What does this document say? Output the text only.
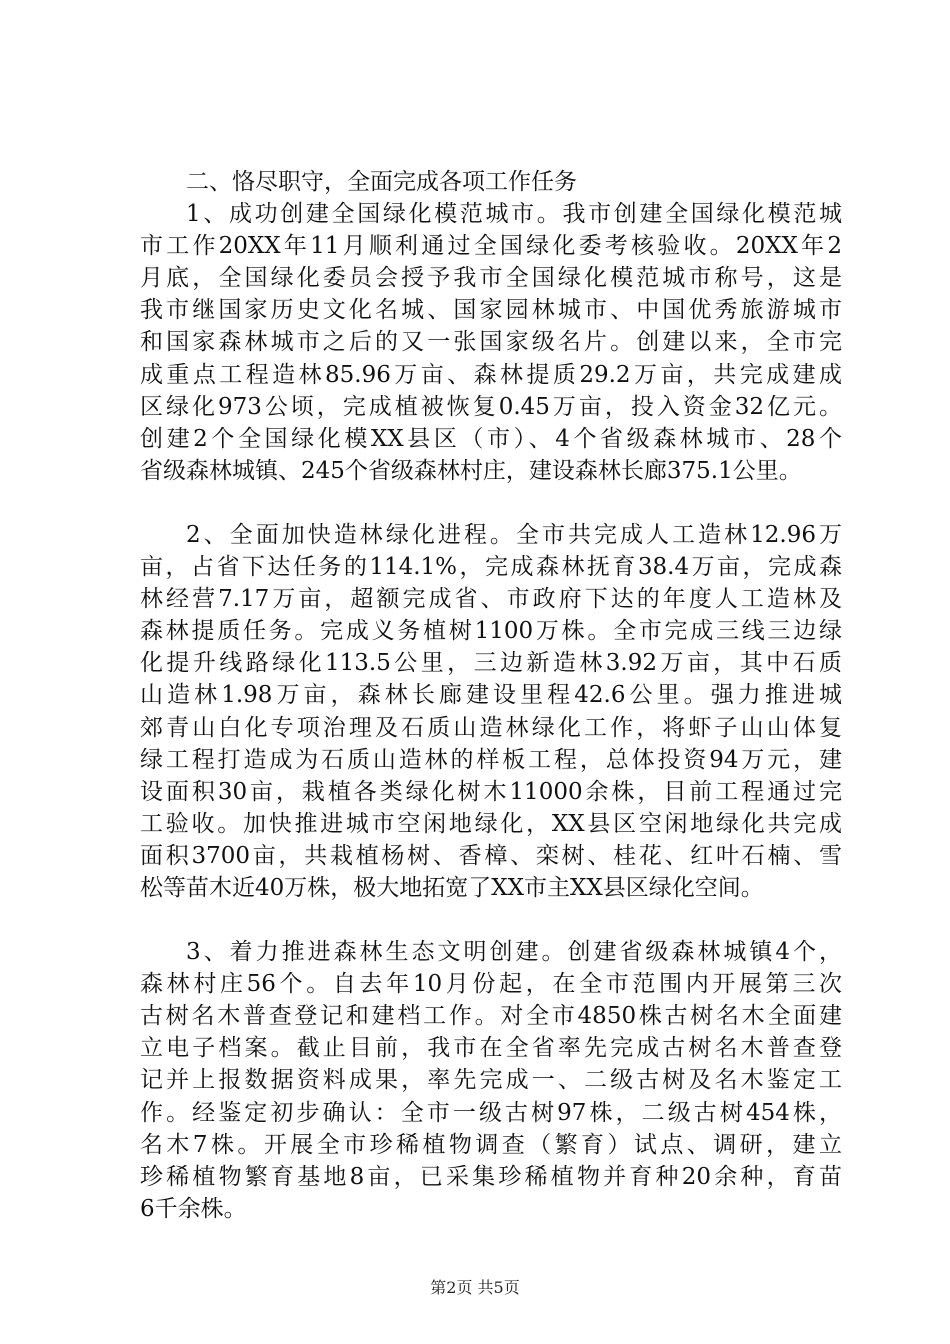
二、恪尽职守，全面完成各项工作任务
1、成功创建全国绿化模范城市。我市创建全国绿化模范城
市工作20XX年11月顺利通过全国绿化委考核验收。20XX年2
月底，全国绿化委员会授予我市全国绿化模范城市称号，这是
我市继国家历史文化名城、国家园林城市、中国优秀旅游城市
和国家森林城市之后的又一张国家级名片。创建以来，全市完
成重点工程造林85.96万亩、森林提质29.2万亩，共完成建成
区绿化973公顷，完成植被恢复0.45万亩，投入资金32亿元。
创建2个全国绿化模XX县区（市）、4个省级森林城市、28个
省级森林城镇、245个省级森林村庄，建设森林长廊375.1公里。
2、全面加快造林绿化进程。全市共完成人工造林12.96万
亩，占省下达任务的114.1%，完成森林抚育38.4万亩，完成森
林经营7.17万亩，超额完成省、市政府下达的年度人工造林及
森林提质任务。完成义务植树1100万株。全市完成三线三边绿
化提升线路绿化113.5公里，三边新造林3.92万亩，其中石质
山造林1.98万亩，森林长廊建设里程42.6公里。强力推进城
郊青山白化专项治理及石质山造林绿化工作，将虾子山山体复
绿工程打造成为石质山造林的样板工程，总体投资94万元，建
设面积30亩，栽植各类绿化树木11000余株，目前工程通过完
工验收。加快推进城市空闲地绿化，XX县区空闲地绿化共完成
面积3700亩，共栽植杨树、香樟、栾树、桂花、红叶石楠、雪
松等苗木近40万株，极大地拓宽了XX市主XX县区绿化空间。
3、着力推进森林生态文明创建。创建省级森林城镇4个，
森林村庄56个。自去年10月份起，在全市范围内开展第三次
古树名木普查登记和建档工作。对全市4850株古树名木全面建
立电子档案。截止目前，我市在全省率先完成古树名木普查登
记并上报数据资料成果，率先完成一、二级古树及名木鉴定工
作。经鉴定初步确认：全市一级古树97株，二级古树454株，
名木7株。开展全市珍稀植物调查（繁育）试点、调研，建立
珍稀植物繁育基地8亩，已采集珍稀植物并育种20余种，育苗
6千余株。
第2页 共5页
